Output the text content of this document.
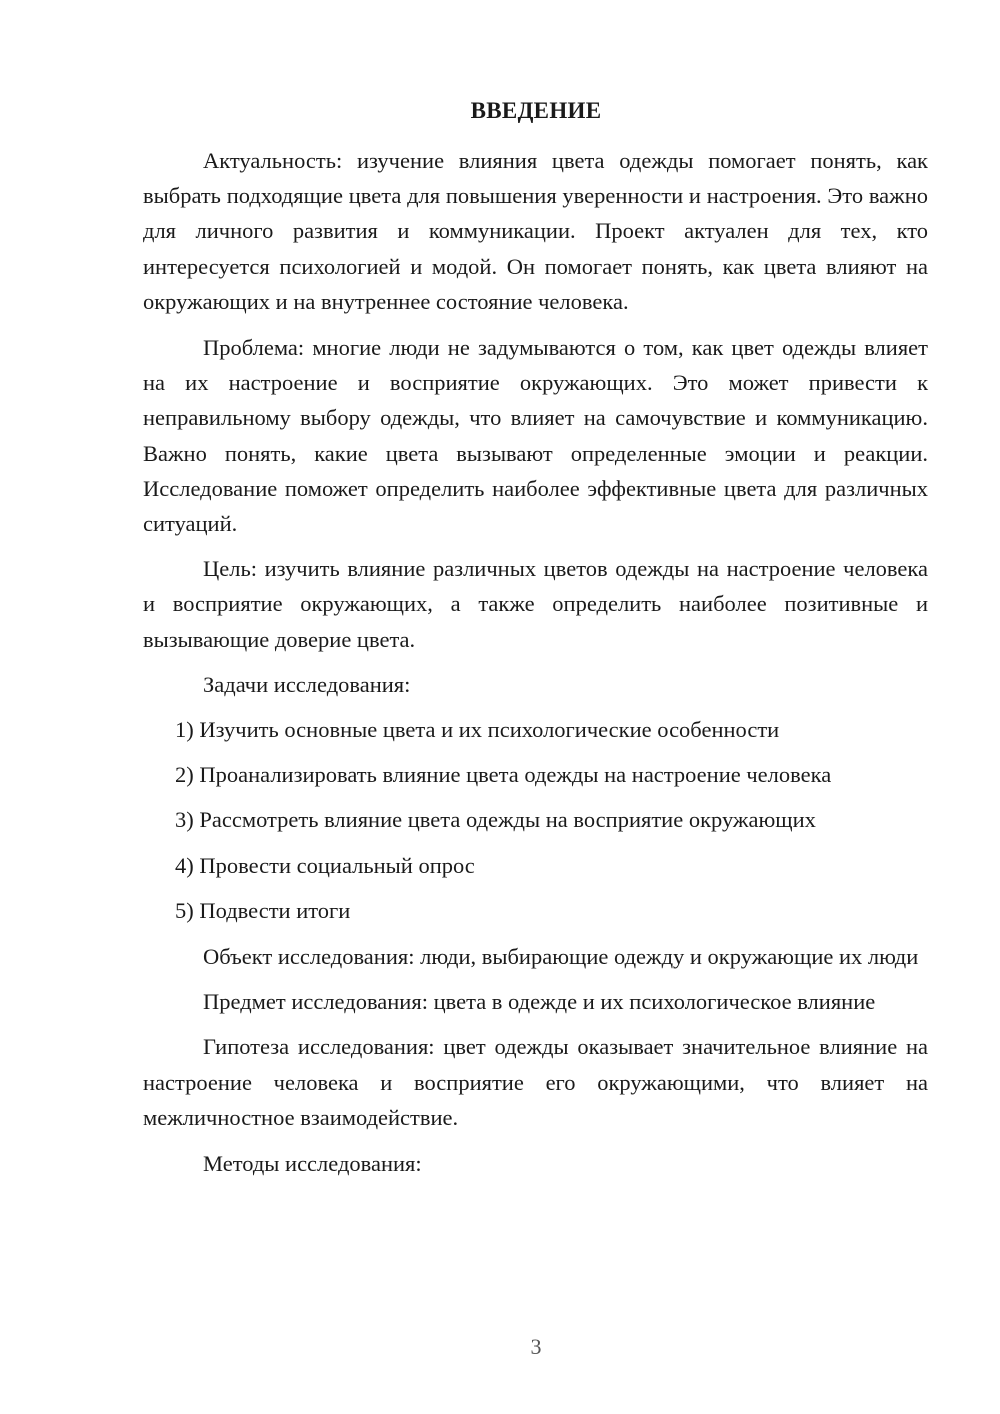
ВВЕДЕНИЕ

Актуальность: изучение влияния цвета одежды помогает понять, как выбрать подходящие цвета для повышения уверенности и настроения. Это важно для личного развития и коммуникации. Проект актуален для тех, кто интересуется психологией и модой. Он помогает понять, как цвета влияют на окружающих и на внутреннее состояние человека.

Проблема: многие люди не задумываются о том, как цвет одежды влияет на их настроение и восприятие окружающих. Это может привести к неправильному выбору одежды, что влияет на самочувствие и коммуникацию. Важно понять, какие цвета вызывают определенные эмоции и реакции. Исследование поможет определить наиболее эффективные цвета для различных ситуаций.

Цель: изучить влияние различных цветов одежды на настроение человека и восприятие окружающих, а также определить наиболее позитивные и вызывающие доверие цвета.

Задачи исследования:

1) Изучить основные цвета и их психологические особенности

2) Проанализировать влияние цвета одежды на настроение человека

3) Рассмотреть влияние цвета одежды на восприятие окружающих

4) Провести социальный опрос

5) Подвести итоги

Объект исследования: люди, выбирающие одежду и окружающие их люди

Предмет исследования: цвета в одежде и их психологическое влияние

Гипотеза исследования: цвет одежды оказывает значительное влияние на настроение человека и восприятие его окружающими, что влияет на межличностное взаимодействие.

Методы исследования:

3
